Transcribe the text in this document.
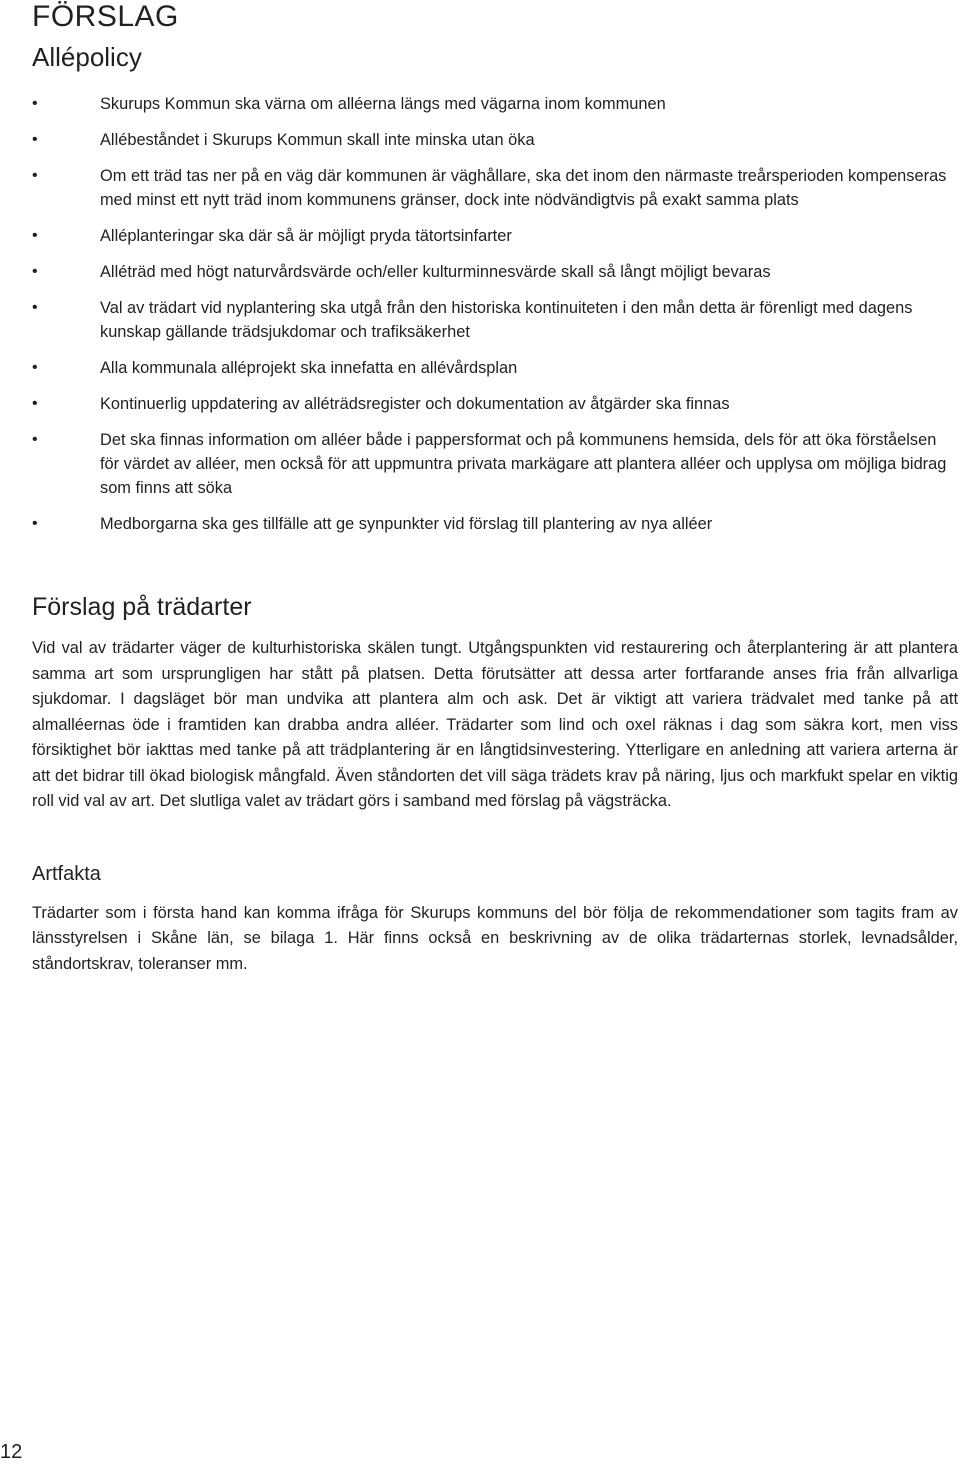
FÖRSLAG
Allépolicy
•	Skurups Kommun ska värna om alléerna längs med vägarna inom kommunen
•	Allébeståndet i Skurups Kommun skall inte minska utan öka
•	Om ett träd tas ner på en väg där kommunen är väghållare, ska det inom den närmaste treårsperioden kompenseras med minst ett nytt träd inom kommunens gränser, dock inte nödvändigtvis på exakt samma plats
•	Alléplanteringar ska där så är möjligt pryda tätortsinfarter
•	Alléträd med högt naturvårdsvärde och/eller kulturminnesvärde skall så långt möjligt bevaras
•	Val av trädart vid nyplantering ska utgå från den historiska kontinuiteten i den mån detta är förenligt med dagens kunskap gällande trädsjukdomar och trafiksäkerhet
•	Alla kommunala alléprojekt ska innefatta en allévårdsplan
•	Kontinuerlig uppdatering av alléträdsregister och dokumentation av åtgärder ska finnas
•	Det ska finnas information om alléer både i pappersformat och på kommunens hemsida, dels för att öka förståelsen för värdet av alléer, men också för att uppmuntra privata markägare att plantera alléer och upplysa om möjliga bidrag som finns att söka
•	Medborgarna ska ges tillfälle att ge synpunkter vid förslag till plantering av nya alléer
Förslag på trädarter

Vid val av trädarter väger de kulturhistoriska skälen tungt. Utgångspunkten vid restaurering och återplantering är att plantera samma art som ursprungligen har stått på platsen. Detta förutsätter att dessa arter fortfarande anses fria från allvarliga sjukdomar. I dagsläget bör man undvika att plantera alm och ask. Det är viktigt att variera trädvalet med tanke på att almalléernas öde i framtiden kan drabba andra alléer. Trädarter som lind och oxel räknas i dag som säkra kort, men viss försiktighet bör iakttas med tanke på att trädplantering är en långtidsinvestering. Ytterligare en anledning att variera arterna är att det bidrar till ökad biologisk mångfald. Även ståndorten det vill säga trädets krav på näring, ljus och markfukt spelar en viktig roll vid val av art. Det slutliga valet av trädart görs i samband med förslag på vägsträcka.

Artfakta

Trädarter som i första hand kan komma ifråga för Skurups kommuns del bör följa de rekommendationer som tagits fram av länsstyrelsen i Skåne län, se bilaga 1. Här finns också en beskrivning av de olika trädarternas storlek, levnadsålder, ståndortskrav, toleranser mm.

12
